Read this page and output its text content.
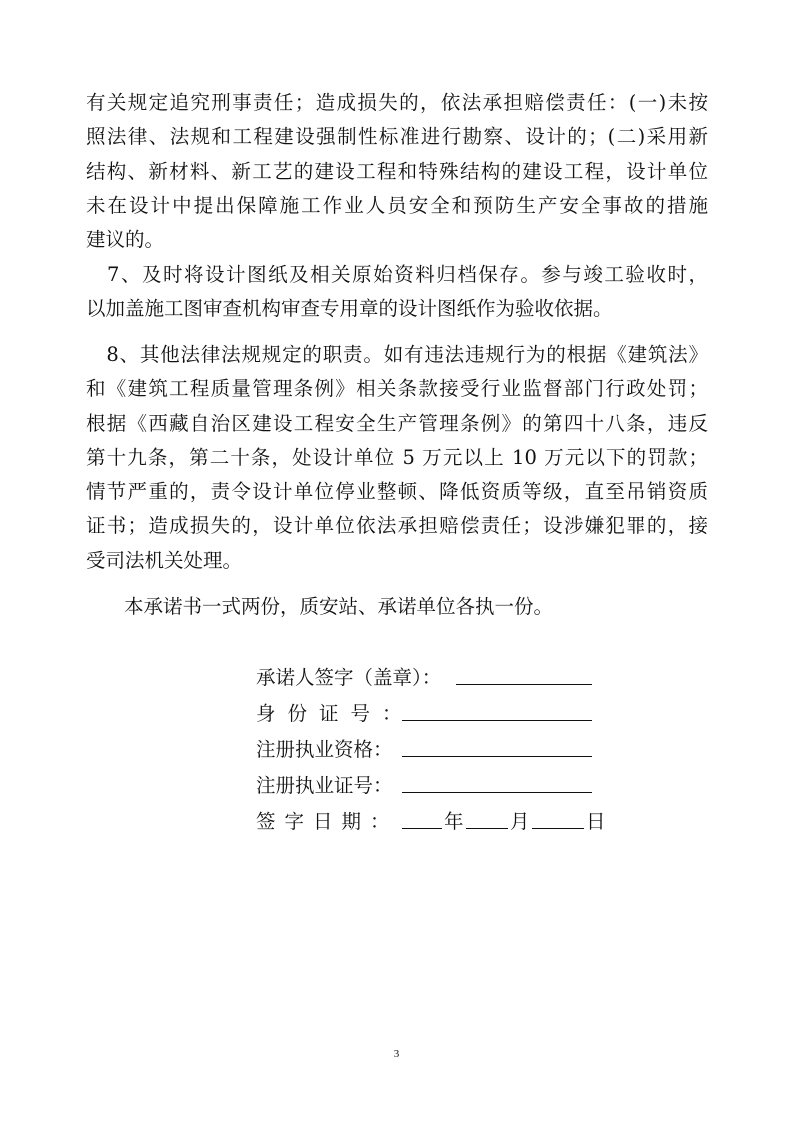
有关规定追究刑事责任；造成损失的，依法承担赔偿责任：(一)未按
照法律、法规和工程建设强制性标准进行勘察、设计的；(二)采用新
结构、新材料、新工艺的建设工程和特殊结构的建设工程，设计单位
未在设计中提出保障施工作业人员安全和预防生产安全事故的措施
建议的。

　7、及时将设计图纸及相关原始资料归档保存。参与竣工验收时，
以加盖施工图审查机构审查专用章的设计图纸作为验收依据。

　8、其他法律法规规定的职责。如有违法违规行为的根据《建筑法》
和《建筑工程质量管理条例》相关条款接受行业监督部门行政处罚；
根据《西藏自治区建设工程安全生产管理条例》的第四十八条，违反
第十九条，第二十条，处设计单位 5 万元以上 10 万元以下的罚款；
情节严重的，责令设计单位停业整顿、降低资质等级，直至吊销资质
证书；造成损失的，设计单位依法承担赔偿责任；设涉嫌犯罪的，接
受司法机关处理。

本承诺书一式两份，质安站、承诺单位各执一份。

承诺人签字（盖章）：
身份证号：
注册执业资格：
注册执业证号：
签字日期： 年 月	日
3
